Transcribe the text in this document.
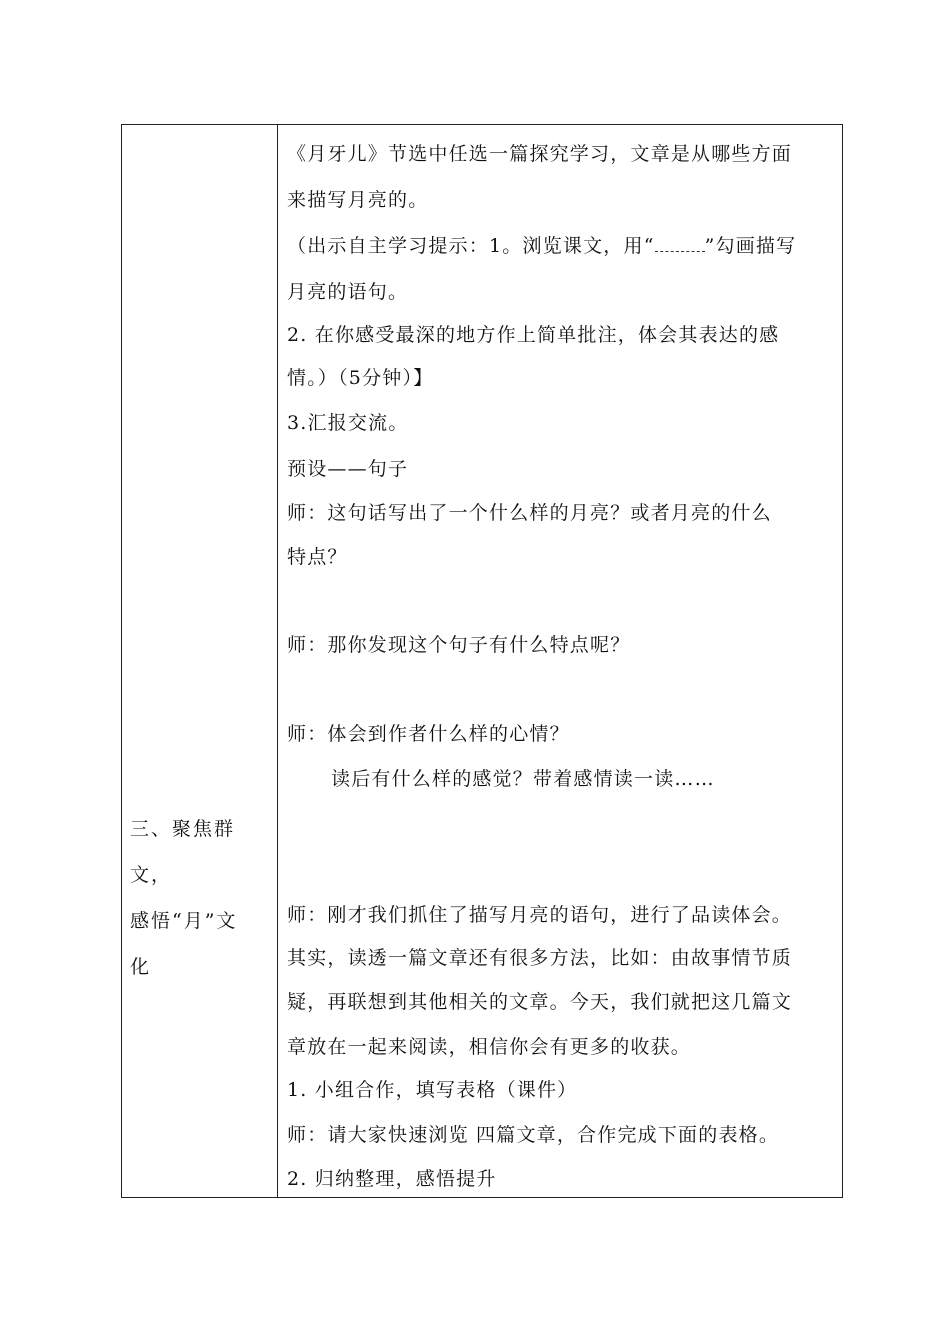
三、聚焦群文，
感悟“月”文
化
《月牙儿》节选中任选一篇探究学习，文章是从哪些方面
来描写月亮的。
（出示自主学习提示：1。浏览课文，用“	”勾画描写
月亮的语句。
2. 在你感受最深的地方作上简单批注，体会其表达的感
情。）（5分钟）】
3.汇报交流。
预设——句子
师：这句话写出了一个什么样的月亮？或者月亮的什么
特点？
师：那你发现这个句子有什么特点呢？
师：体会到作者什么样的心情？
读后有什么样的感觉？带着感情读一读……
师：刚才我们抓住了描写月亮的语句，进行了品读体会。
其实，读透一篇文章还有很多方法，比如：由故事情节质
疑，再联想到其他相关的文章。今天，我们就把这几篇文
章放在一起来阅读，相信你会有更多的收获。
1. 小组合作，填写表格（课件）
师：请大家快速浏览 四篇文章，合作完成下面的表格。
2. 归纳整理，感悟提升
